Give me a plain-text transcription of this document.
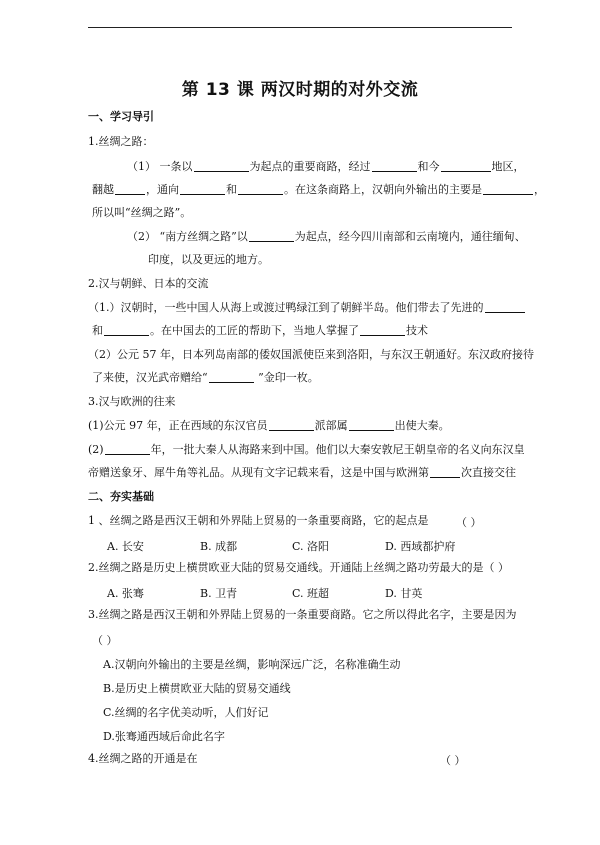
第 13 课 两汉时期的对外交流
一、学习导引
1.丝绸之路：
（1） 一条以	为起点的重要商路，经过	和今	地区，
翻越	，通向	和	。在这条商路上，汉朝向外输出的主要是	，
所以叫“丝绸之路”。
（2） “南方丝绸之路”以	为起点，经今四川南部和云南境内，通往缅甸、
印度，以及更远的地方。
2.汉与朝鲜、日本的交流
（1.）汉朝时，一些中国人从海上或渡过鸭绿江到了朝鲜半岛。他们带去了先进的
和	。在中国去的工匠的帮助下，当地人掌握了	技术
（2）公元 57 年，日本列岛南部的倭奴国派使臣来到洛阳，与东汉王朝通好。东汉政府接待
了来使，汉光武帝赠给“	”金印一枚。
3.汉与欧洲的往来
(1)公元 97 年，正在西域的东汉官员	派部属	出使大秦。
(2)	年，一批大秦人从海路来到中国。他们以大秦安敦尼王朝皇帝的名义向东汉皇
帝赠送象牙、犀牛角等礼品。从现有文字记载来看，这是中国与欧洲第	次直接交往
二、夯实基础
1 、丝绸之路是西汉王朝和外界陆上贸易的一条重要商路，它的起点是	（ ）
A. 长安	B. 成都	C. 洛阳	D. 西域都护府
2.丝绸之路是历史上横贯欧亚大陆的贸易交通线。开通陆上丝绸之路功劳最大的是（ ）
A. 张骞	B. 卫青	C. 班超	D. 甘英
3.丝绸之路是西汉王朝和外界陆上贸易的一条重要商路。它之所以得此名字，主要是因为
（ ）
A.汉朝向外输出的主要是丝绸，影响深远广泛，名称准确生动
B.是历史上横贯欧亚大陆的贸易交通线
C.丝绸的名字优美动听，人们好记
D.张骞通西域后命此名字
4.丝绸之路的开通是在	（ ）
